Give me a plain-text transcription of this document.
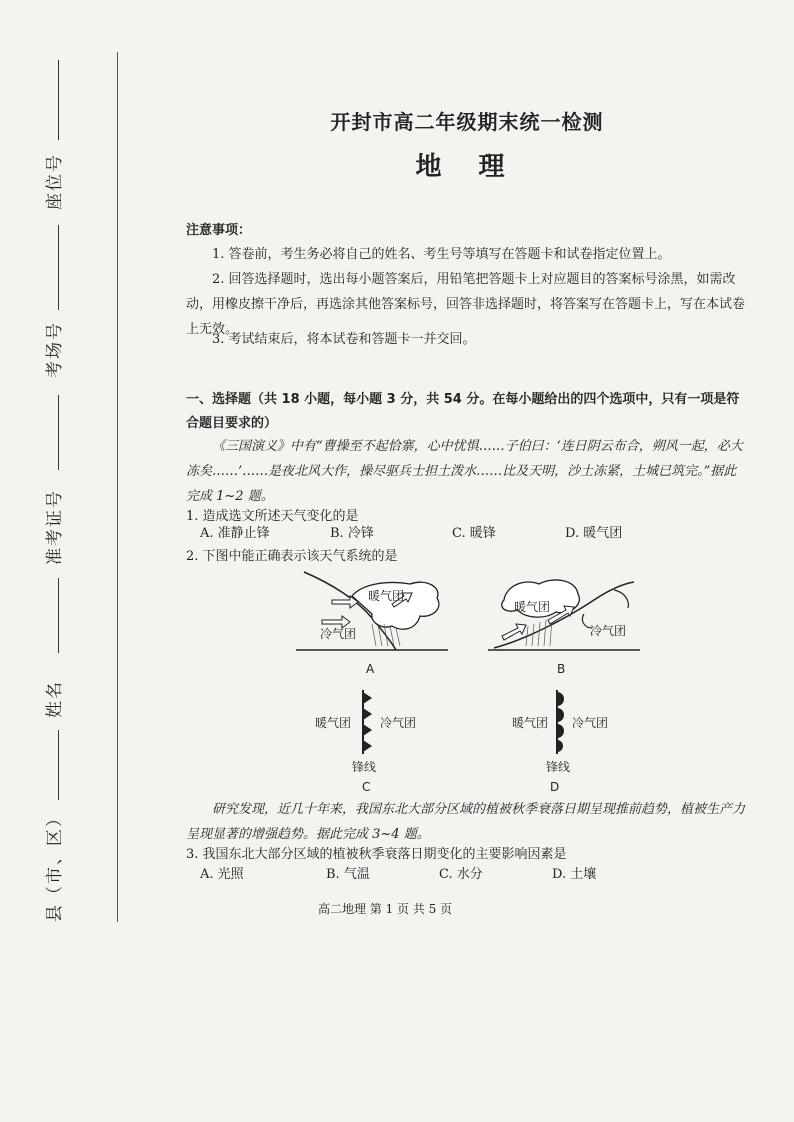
座位号
考场号
准考证号
姓名
县（市、区）
开封市高二年级期末统一检测
地 理
注意事项：
1. 答卷前，考生务必将自己的姓名、考生号等填写在答题卡和试卷指定位置上。
2. 回答选择题时，选出每小题答案后，用铅笔把答题卡上对应题目的答案标号涂黑，如需改动，用橡皮擦干净后，再选涂其他答案标号，回答非选择题时，将答案写在答题卡上，写在本试卷上无效。
3. 考试结束后，将本试卷和答题卡一并交回。
一、选择题（共 18 小题，每小题 3 分，共 54 分。在每小题给出的四个选项中，只有一项是符合题目要求的）
《三国演义》中有“曹操至不起恰寨，心中忧惧……子伯曰：‘连日阴云布合，朔风一起，必大冻矣……’……是夜北风大作，操尽驱兵士担土泼水……比及天明，沙土冻紧，土城已筑完。”据此完成 1~2 题。
1. 造成选文所述天气变化的是
A. 准静止锋	B. 冷锋	C. 暖锋	D. 暖气团
2. 下图中能正确表示该天气系统的是
暖气团
冷气团
A
暖气团
冷气团
B
暖气团 冷气团
锋线
C
暖气团 冷气团
锋线
D
研究发现，近几十年来，我国东北大部分区域的植被秋季衰落日期呈现推前趋势，植被生产力呈现显著的增强趋势。据此完成 3~4 题。
3. 我国东北大部分区域的植被秋季衰落日期变化的主要影响因素是
A. 光照	B. 气温	C. 水分	D. 土壤
高二地理 第 1 页 共 5 页
